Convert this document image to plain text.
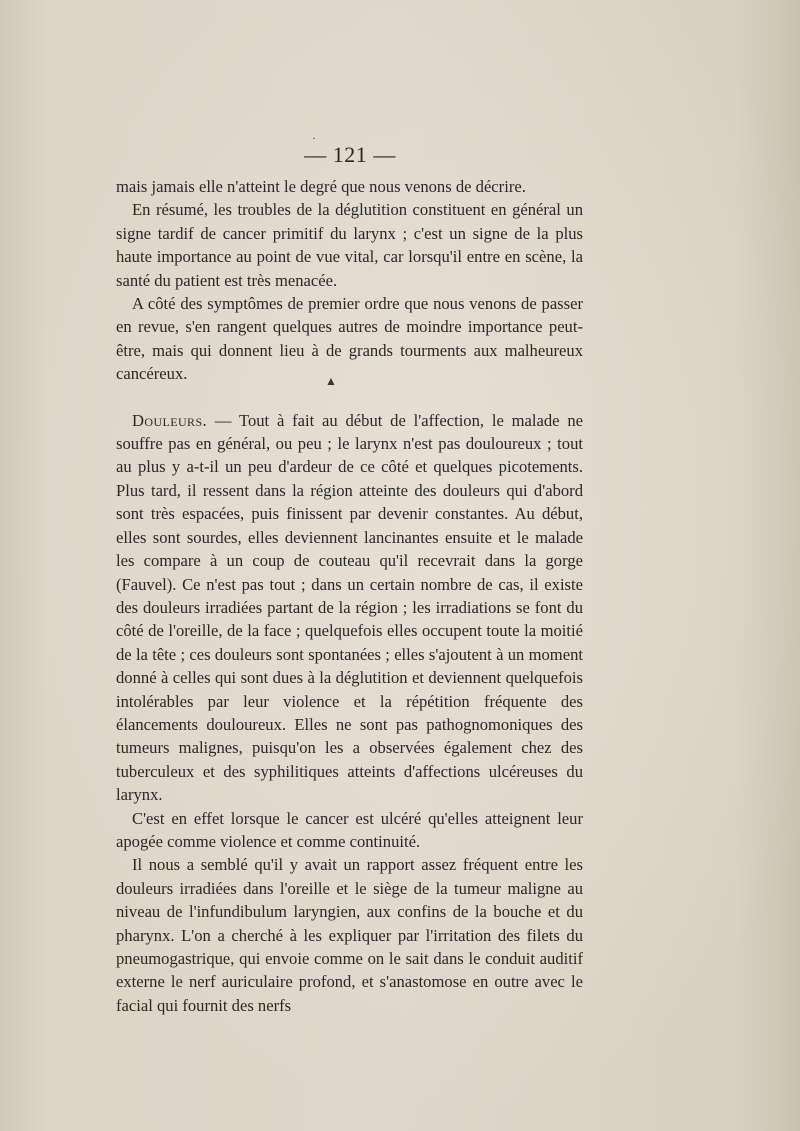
·
— 121 —

mais jamais elle n'atteint le degré que nous venons de décrire.

En résumé, les troubles de la déglutition constituent en général un signe tardif de cancer primitif du larynx ; c'est un signe de la plus haute importance au point de vue vital, car lorsqu'il entre en scène, la santé du patient est très menacée.

A côté des symptômes de premier ordre que nous venons de passer en revue, s'en rangent quelques autres de moindre importance peut-être, mais qui donnent lieu à de grands tourments aux malheureux cancéreux.

Douleurs. — Tout à fait au début de l'affection, le malade ne souffre pas en général, ou peu ; le larynx n'est pas douloureux ; tout au plus y a-t-il un peu d'ardeur de ce côté et quelques picotements. Plus tard, il ressent dans la région atteinte des douleurs qui d'abord sont très espacées, puis finissent par devenir constantes. Au début, elles sont sourdes, elles deviennent lancinantes ensuite et le malade les compare à un coup de couteau qu'il recevrait dans la gorge (Fauvel). Ce n'est pas tout ; dans un certain nombre de cas, il existe des douleurs irradiées partant de la région ; les irradiations se font du côté de l'oreille, de la face ; quelquefois elles occupent toute la moitié de la tête ; ces douleurs sont spontanées ; elles s'ajoutent à un moment donné à celles qui sont dues à la déglutition et deviennent quelquefois intolérables par leur violence et la répétition fréquente des élancements douloureux. Elles ne sont pas pathognomoniques des tumeurs malignes, puisqu'on les a observées également chez des tuberculeux et des syphilitiques atteints d'affections ulcéreuses du larynx.

C'est en effet lorsque le cancer est ulcéré qu'elles atteignent leur apogée comme violence et comme continuité.

Il nous a semblé qu'il y avait un rapport assez fréquent entre les douleurs irradiées dans l'oreille et le siège de la tumeur maligne au niveau de l'infundibulum laryngien, aux confins de la bouche et du pharynx. L'on a cherché à les expliquer par l'irritation des filets du pneumogastrique, qui envoie comme on le sait dans le conduit auditif externe le nerf auriculaire profond, et s'anastomose en outre avec le facial qui fournit des nerfs

▲
